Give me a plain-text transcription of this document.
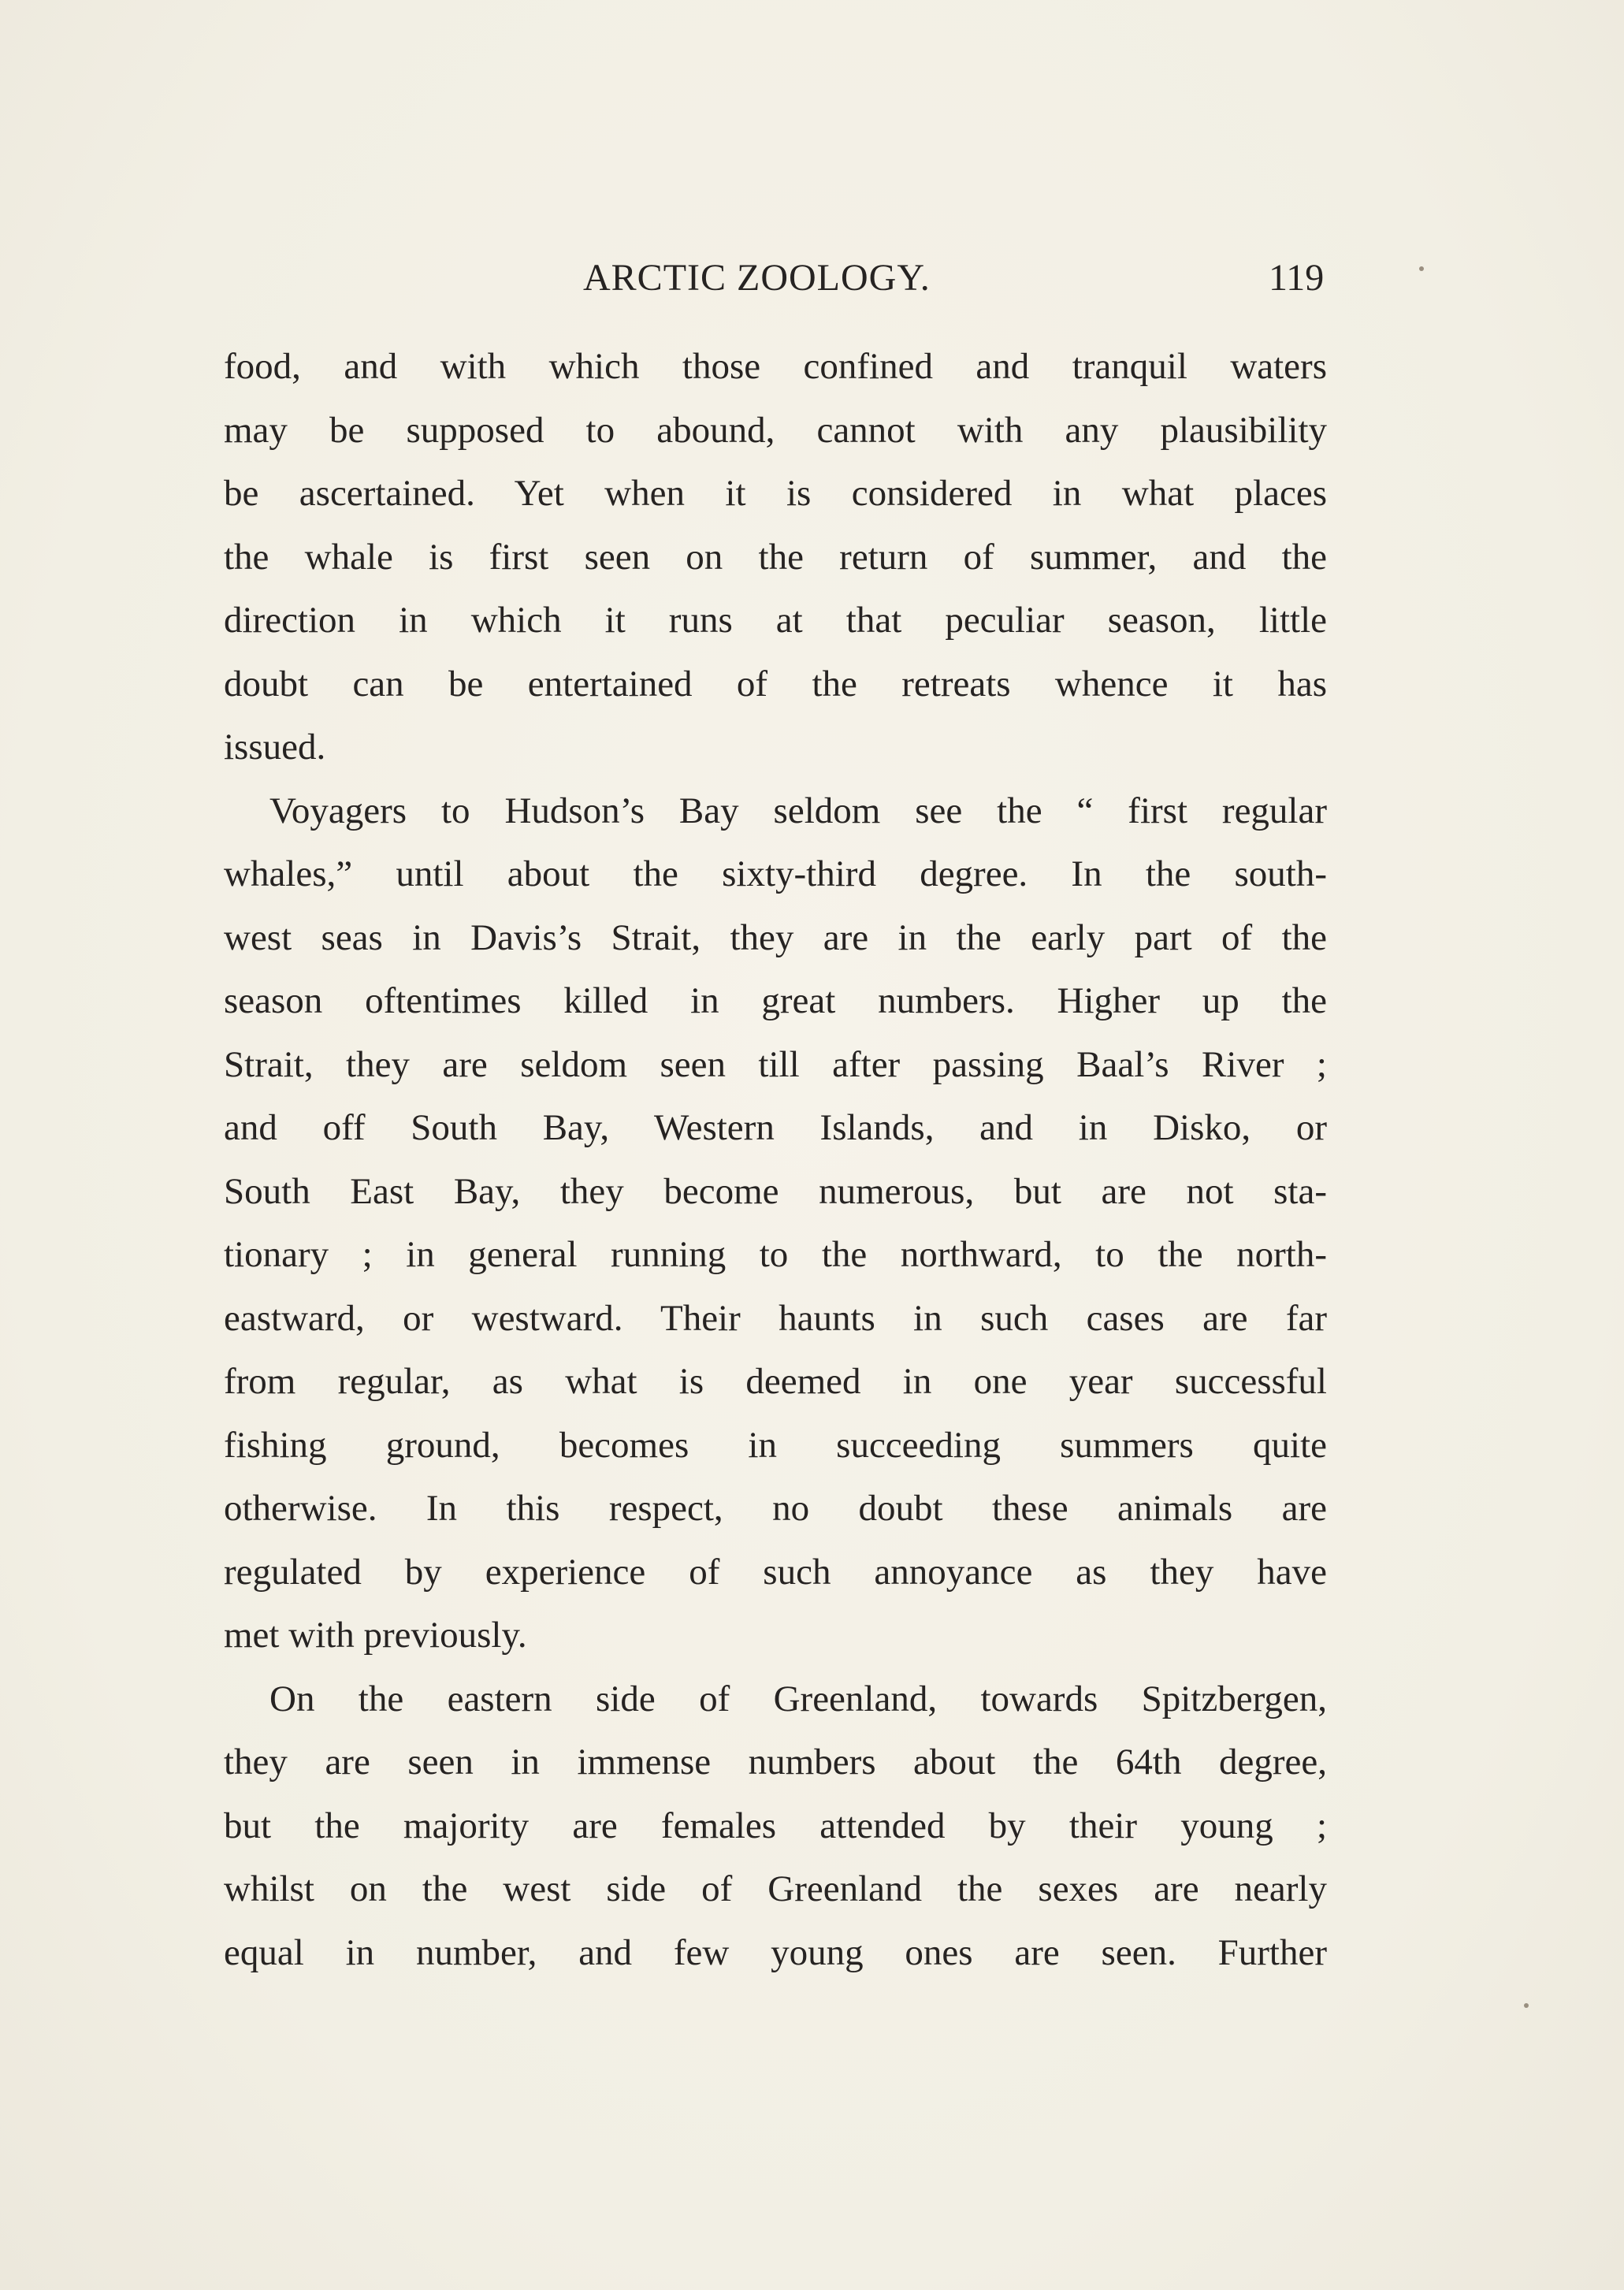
ARCTIC ZOOLOGY.	119
food, and with which those confined and tranquil waters
may be supposed to abound, cannot with any plausibility
be ascertained. Yet when it is considered in what places
the whale is first seen on the return of summer, and the
direction in which it runs at that peculiar season, little
doubt can be entertained of the retreats whence it has
issued.
Voyagers to Hudson’s Bay seldom see the “ first regular
whales,” until about the sixty-third degree. In the south-
west seas in Davis’s Strait, they are in the early part of the
season oftentimes killed in great numbers. Higher up the
Strait, they are seldom seen till after passing Baal’s River ;
and off South Bay, Western Islands, and in Disko, or
South East Bay, they become numerous, but are not sta-
tionary ; in general running to the northward, to the north-
eastward, or westward. Their haunts in such cases are far
from regular, as what is deemed in one year successful
fishing ground, becomes in succeeding summers quite
otherwise. In this respect, no doubt these animals are
regulated by experience of such annoyance as they have
met with previously.
On the eastern side of Greenland, towards Spitzbergen,
they are seen in immense numbers about the 64th degree,
but the majority are females attended by their young ;
whilst on the west side of Greenland the sexes are nearly
equal in number, and few young ones are seen. Further
